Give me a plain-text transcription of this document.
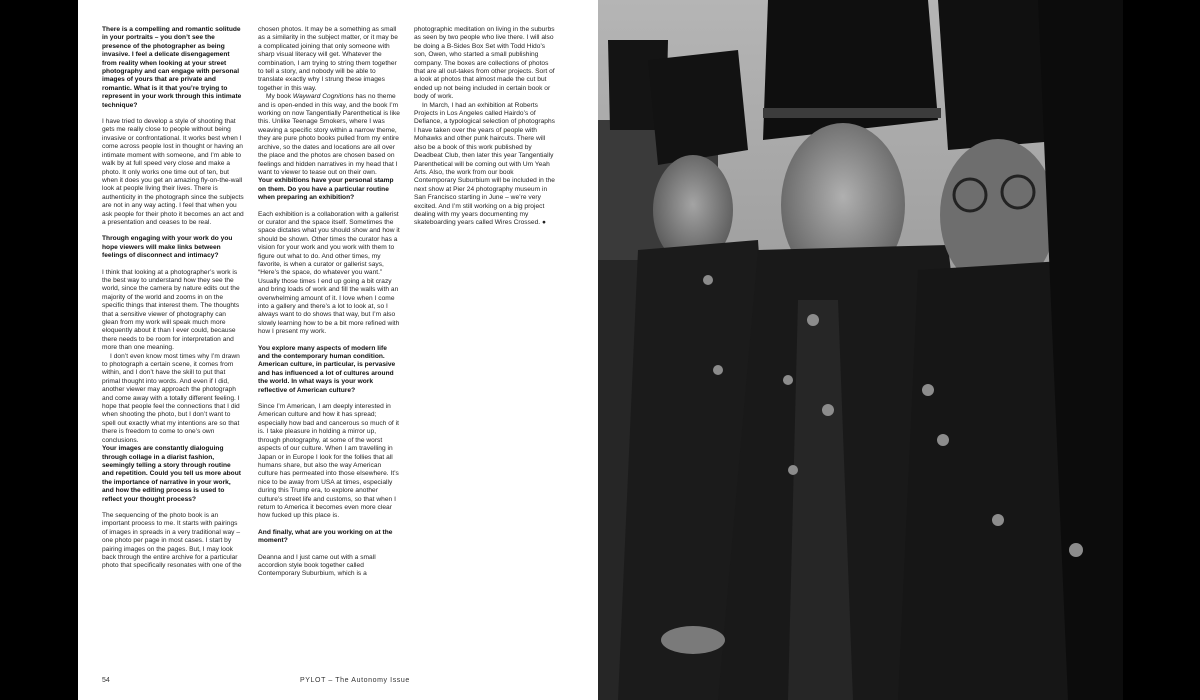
There is a compelling and romantic solitude in your portraits – you don’t see the presence of the photographer as being invasive. I feel a delicate disengagement from reality when looking at your street photography and can engage with personal images of yours that are private and romantic. What is it that you’re trying to represent in your work through this intimate technique?

I have tried to develop a style of shooting that gets me really close to people without being invasive or confrontational. It works best when I come across people lost in thought or having an intimate moment with someone, and I’m able to walk by at full speed very close and make a photo. It only works one time out of ten, but when it does you get an amazing fly-on-the-wall look at people living their lives. There is authenticity in the photograph since the subjects are not in any way acting. I feel that when you ask people for their photo it becomes an act and a presentation and ceases to be real.

Through engaging with your work do you hope viewers will make links between feelings of disconnect and intimacy?

I think that looking at a photographer’s work is the best way to understand how they see the world, since the camera by nature edits out the majority of the world and zooms in on the specific things that interest them. The thoughts that a sensitive viewer of photography can glean from my work will speak much more eloquently about it than I ever could, because there needs to be room for interpretation and more than one meaning.

I don’t even know most times why I’m drawn to photograph a certain scene, it comes from within, and I don’t have the skill to put that primal thought into words. And even if I did, another viewer may approach the photograph and come away with a totally different feeling. I hope that people feel the connections that I did when shooting the photo, but I don’t want to spell out exactly what my intentions are so that there is freedom to come to one’s own conclusions.

Your images are constantly dialoguing through collage in a diarist fashion, seemingly telling a story through routine and repetition. Could you tell us more about the importance of narrative in your work, and how the editing process is used to reflect your thought process?

The sequencing of the photo book is an important process to me. It starts with pairings of images in spreads in a very traditional way – one photo per page in most cases. I start by pairing images on the pages. But, I may look back through the entire archive for a particular photo that specifically resonates with one of the

chosen photos. It may be a something as small as a similarity in the subject matter, or it may be a complicated joining that only someone with sharp visual literacy will get. Whatever the combination, I am trying to string them together to tell a story, and nobody will be able to translate exactly why I strung these images together in this way.

My book Wayward Cognitions has no theme and is open-ended in this way, and the book I’m working on now Tangentially Parenthetical is like this. Unlike Teenage Smokers, where I was weaving a specific story within a narrow theme, they are pure photo books pulled from my entire archive, so the dates and locations are all over the place and the photos are chosen based on feelings and hidden narratives in my head that I want to viewer to tease out on their own.

Your exhibitions have your personal stamp on them. Do you have a particular routine when preparing an exhibition?

Each exhibition is a collaboration with a gallerist or curator and the space itself. Sometimes the space dictates what you should show and how it should be shown. Other times the curator has a vision for your work and you work with them to figure out what to do. And other times, my favorite, is when a curator or gallerist says, “Here’s the space, do whatever you want.” Usually those times I end up going a bit crazy and bring loads of work and fill the walls with an overwhelming amount of it. I love when I come into a gallery and there’s a lot to look at, so I always want to do shows that way, but I’m also slowly learning how to be a bit more refined with how I present my work.

You explore many aspects of modern life and the contemporary human condition. American culture, in particular, is pervasive and has influenced a lot of cultures around the world. In what ways is your work reflective of American culture?

Since I’m American, I am deeply interested in American culture and how it has spread; especially how bad and cancerous so much of it is. I take pleasure in holding a mirror up, through photography, at some of the worst aspects of our culture. When I am travelling in Japan or in Europe I look for the follies that all humans share, but also the way American culture has permeated into those elsewhere. It’s nice to be away from USA at times, especially during this Trump era, to explore another culture’s street life and customs, so that when I return to America it becomes even more clear how fucked up this place is.

And finally, what are you working on at the moment?

Deanna and I just came out with a small accordion style book together called Contemporary Suburbium, which is a

photographic meditation on living in the suburbs as seen by two people who live there. I will also be doing a B-Sides Box Set with Todd Hido’s son, Owen, who started a small publishing company. The boxes are collections of photos that are all out-takes from other projects. Sort of a look at photos that almost made the cut but ended up not being included in certain book or body of work.

In March, I had an exhibition at Roberts Projects in Los Angeles called Hairdo’s of Defiance, a typological selection of photographs I have taken over the years of people with Mohawks and other punk haircuts. There will also be a book of this work published by Deadbeat Club, then later this year Tangentially Parenthetical will be coming out with Um Yeah Arts. Also, the work from our book Contemporary Suburbium will be included in the next show at Pier 24 photography museum in San Francisco starting in June – we’re very excited. And I’m still working on a big project dealing with my years documenting my skateboarding years called Wires Crossed. ●

54	PYLOT – The Autonomy Issue
